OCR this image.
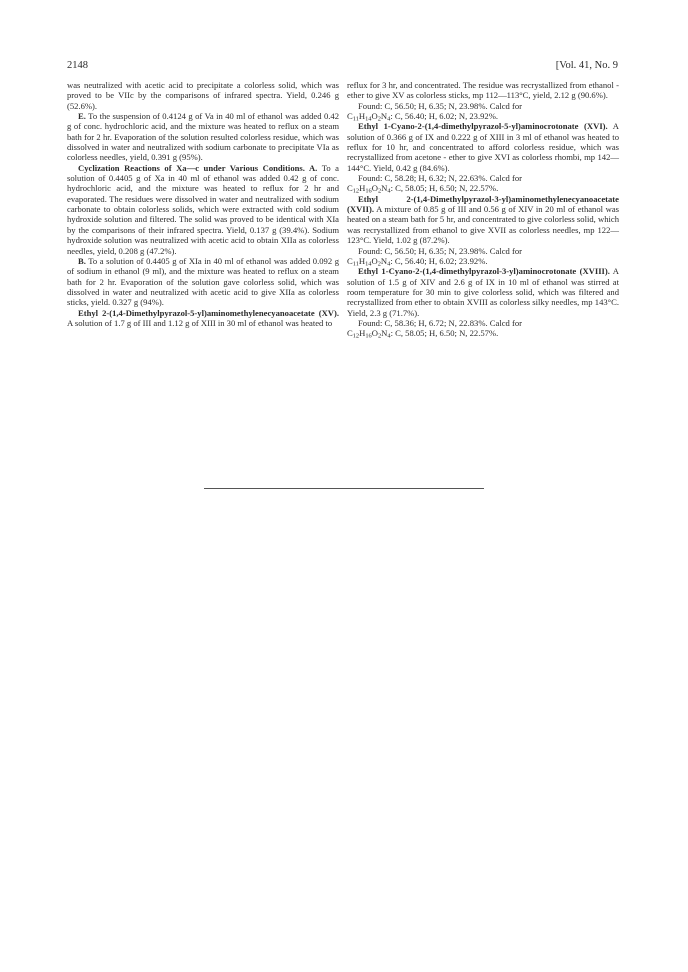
2148	[Vol. 41, No. 9

was neutralized with acetic acid to precipitate a colorless solid, which was proved to be VIIc by the comparisons of infrared spectra. Yield, 0.246 g (52.6%).

E. To the suspension of 0.4124 g of Va in 40 ml of ethanol was added 0.42 g of conc. hydrochloric acid, and the mixture was heated to reflux on a steam bath for 2 hr. Evaporation of the solution resulted colorless residue, which was dissolved in water and neutralized with sodium carbonate to precipitate VIa as colorless needles, yield, 0.391 g (95%).

Cyclization Reactions of Xa—c under Various Conditions. A. To a solution of 0.4405 g of Xa in 40 ml of ethanol was added 0.42 g of conc. hydrochloric acid, and the mixture was heated to reflux for 2 hr and evaporated. The residues were dissolved in water and neutralized with sodium carbonate to obtain colorless solids, which were extracted with cold sodium hydroxide solution and filtered. The solid was proved to be identical with XIa by the comparisons of their infrared spectra. Yield, 0.137 g (39.4%). Sodium hydroxide solution was neutralized with acetic acid to obtain XIIa as colorless needles, yield, 0.208 g (47.2%).

B. To a solution of 0.4405 g of XIa in 40 ml of ethanol was added 0.092 g of sodium in ethanol (9 ml), and the mixture was heated to reflux on a steam bath for 2 hr. Evaporation of the solution gave colorless solid, which was dissolved in water and neutralized with acetic acid to give XIIa as colorless sticks, yield. 0.327 g (94%).

Ethyl 2-(1,4-Dimethylpyrazol-5-yl)aminomethylenecyanoacetate (XV). A solution of 1.7 g of III and 1.12 g of XIII in 30 ml of ethanol was heated to

reflux for 3 hr, and concentrated. The residue was recrystallized from ethanol - ether to give XV as colorless sticks, mp 112—113°C, yield, 2.12 g (90.6%).

Found: C, 56.50; H, 6.35; N, 23.98%. Calcd for
$C_{11}H_{14}O_2N_4$: C, 56.40; H, 6.02; N, 23.92%.

Ethyl 1-Cyano-2-(1,4-dimethylpyrazol-5-yl)aminocrotonate (XVI). A solution of 0.366 g of IX and 0.222 g of XIII in 3 ml of ethanol was heated to reflux for 10 hr, and concentrated to afford colorless residue, which was recrystallized from acetone - ether to give XVI as colorless rhombi, mp 142—144°C. Yield, 0.42 g (84.6%).

Found: C, 58.28; H, 6.32; N, 22.63%. Calcd for
$C_{12}H_{16}O_2N_4$: C, 58.05; H, 6.50; N, 22.57%.

Ethyl 2-(1,4-Dimethylpyrazol-3-yl)aminomethylenecyanoacetate (XVII). A mixture of 0.85 g of III and 0.56 g of XIV in 20 ml of ethanol was heated on a steam bath for 5 hr, and concentrated to give colorless solid, which was recrystallized from ethanol to give XVII as colorless needles, mp 122—123°C. Yield, 1.02 g (87.2%).

Found: C, 56.50; H, 6.35; N, 23.98%. Calcd for
$C_{11}H_{14}O_2N_4$: C, 56.40; H, 6.02; 23.92%.

Ethyl 1-Cyano-2-(1,4-dimethylpyrazol-3-yl)aminocrotonate (XVIII). A solution of 1.5 g of XIV and 2.6 g of IX in 10 ml of ethanol was stirred at room temperature for 30 min to give colorless solid, which was filtered and recrystallized from ether to obtain XVIII as colorless silky needles, mp 143°C. Yield, 2.3 g (71.7%).

Found: C, 58.36; H, 6.72; N, 22.83%. Calcd for
$C_{12}H_{16}O_2N_4$: C, 58.05; H, 6.50; N, 22.57%.
